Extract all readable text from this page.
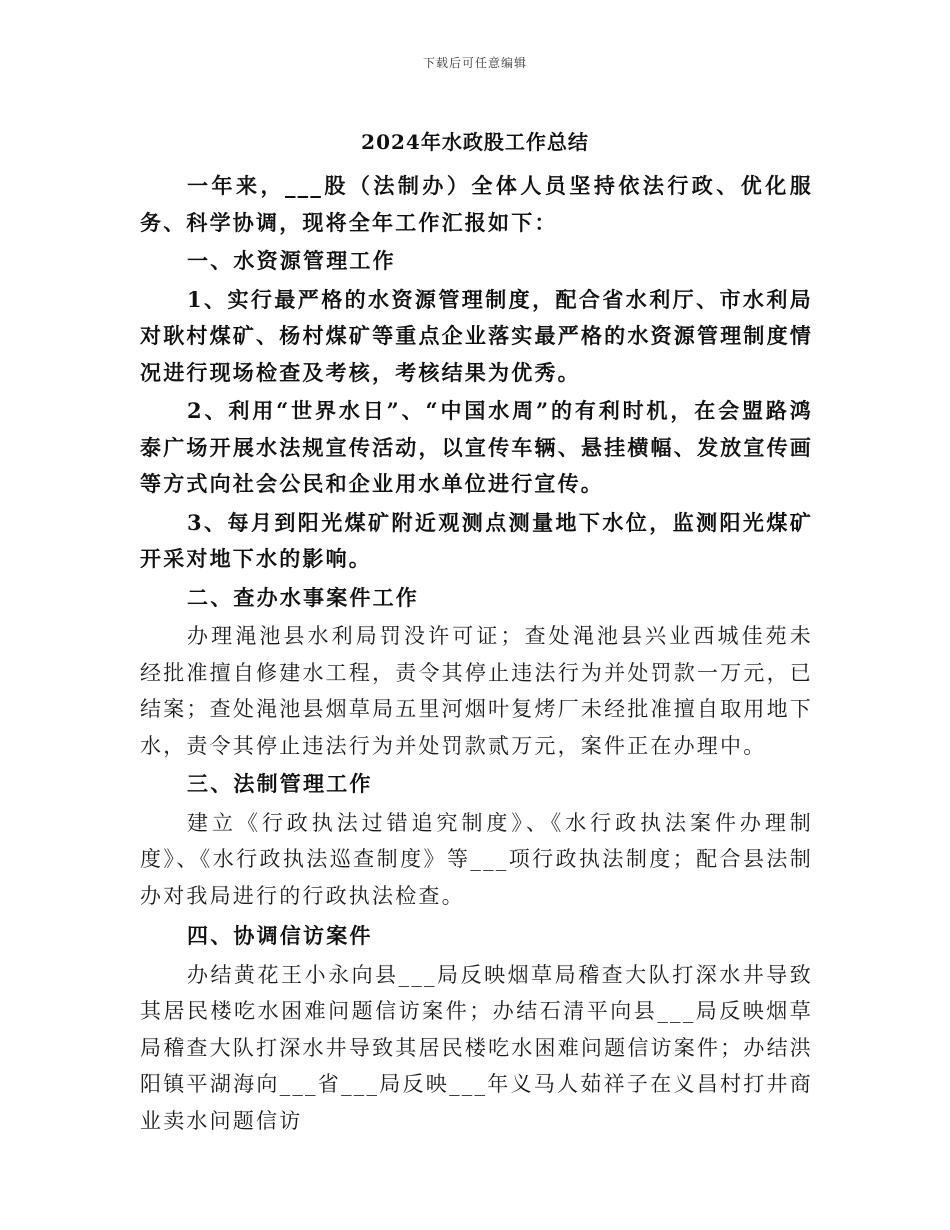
下载后可任意编辑
2024年水政股工作总结

一年来，___股（法制办）全体人员坚持依法行政、优化服务、科学协调，现将全年工作汇报如下：

一、水资源管理工作

1、实行最严格的水资源管理制度，配合省水利厅、市水利局对耿村煤矿、杨村煤矿等重点企业落实最严格的水资源管理制度情况进行现场检查及考核，考核结果为优秀。

2、利用“世界水日”、“中国水周”的有利时机，在会盟路鸿泰广场开展水法规宣传活动，以宣传车辆、悬挂横幅、发放宣传画等方式向社会公民和企业用水单位进行宣传。

3、每月到阳光煤矿附近观测点测量地下水位，监测阳光煤矿开采对地下水的影响。

二、查办水事案件工作

办理渑池县水利局罚没许可证；查处渑池县兴业西城佳苑未经批准擅自修建水工程，责令其停止违法行为并处罚款一万元，已结案；查处渑池县烟草局五里河烟叶复烤厂未经批准擅自取用地下水，责令其停止违法行为并处罚款贰万元，案件正在办理中。

三、法制管理工作

建立《行政执法过错追究制度》、《水行政执法案件办理制度》、《水行政执法巡查制度》等___项行政执法制度；配合县法制办对我局进行的行政执法检查。

四、协调信访案件

办结黄花王小永向县___局反映烟草局稽查大队打深水井导致其居民楼吃水困难问题信访案件；办结石清平向县___局反映烟草局稽查大队打深水井导致其居民楼吃水困难问题信访案件；办结洪阳镇平湖海向___省___局反映___年义马人茹祥子在义昌村打井商业卖水问题信访
